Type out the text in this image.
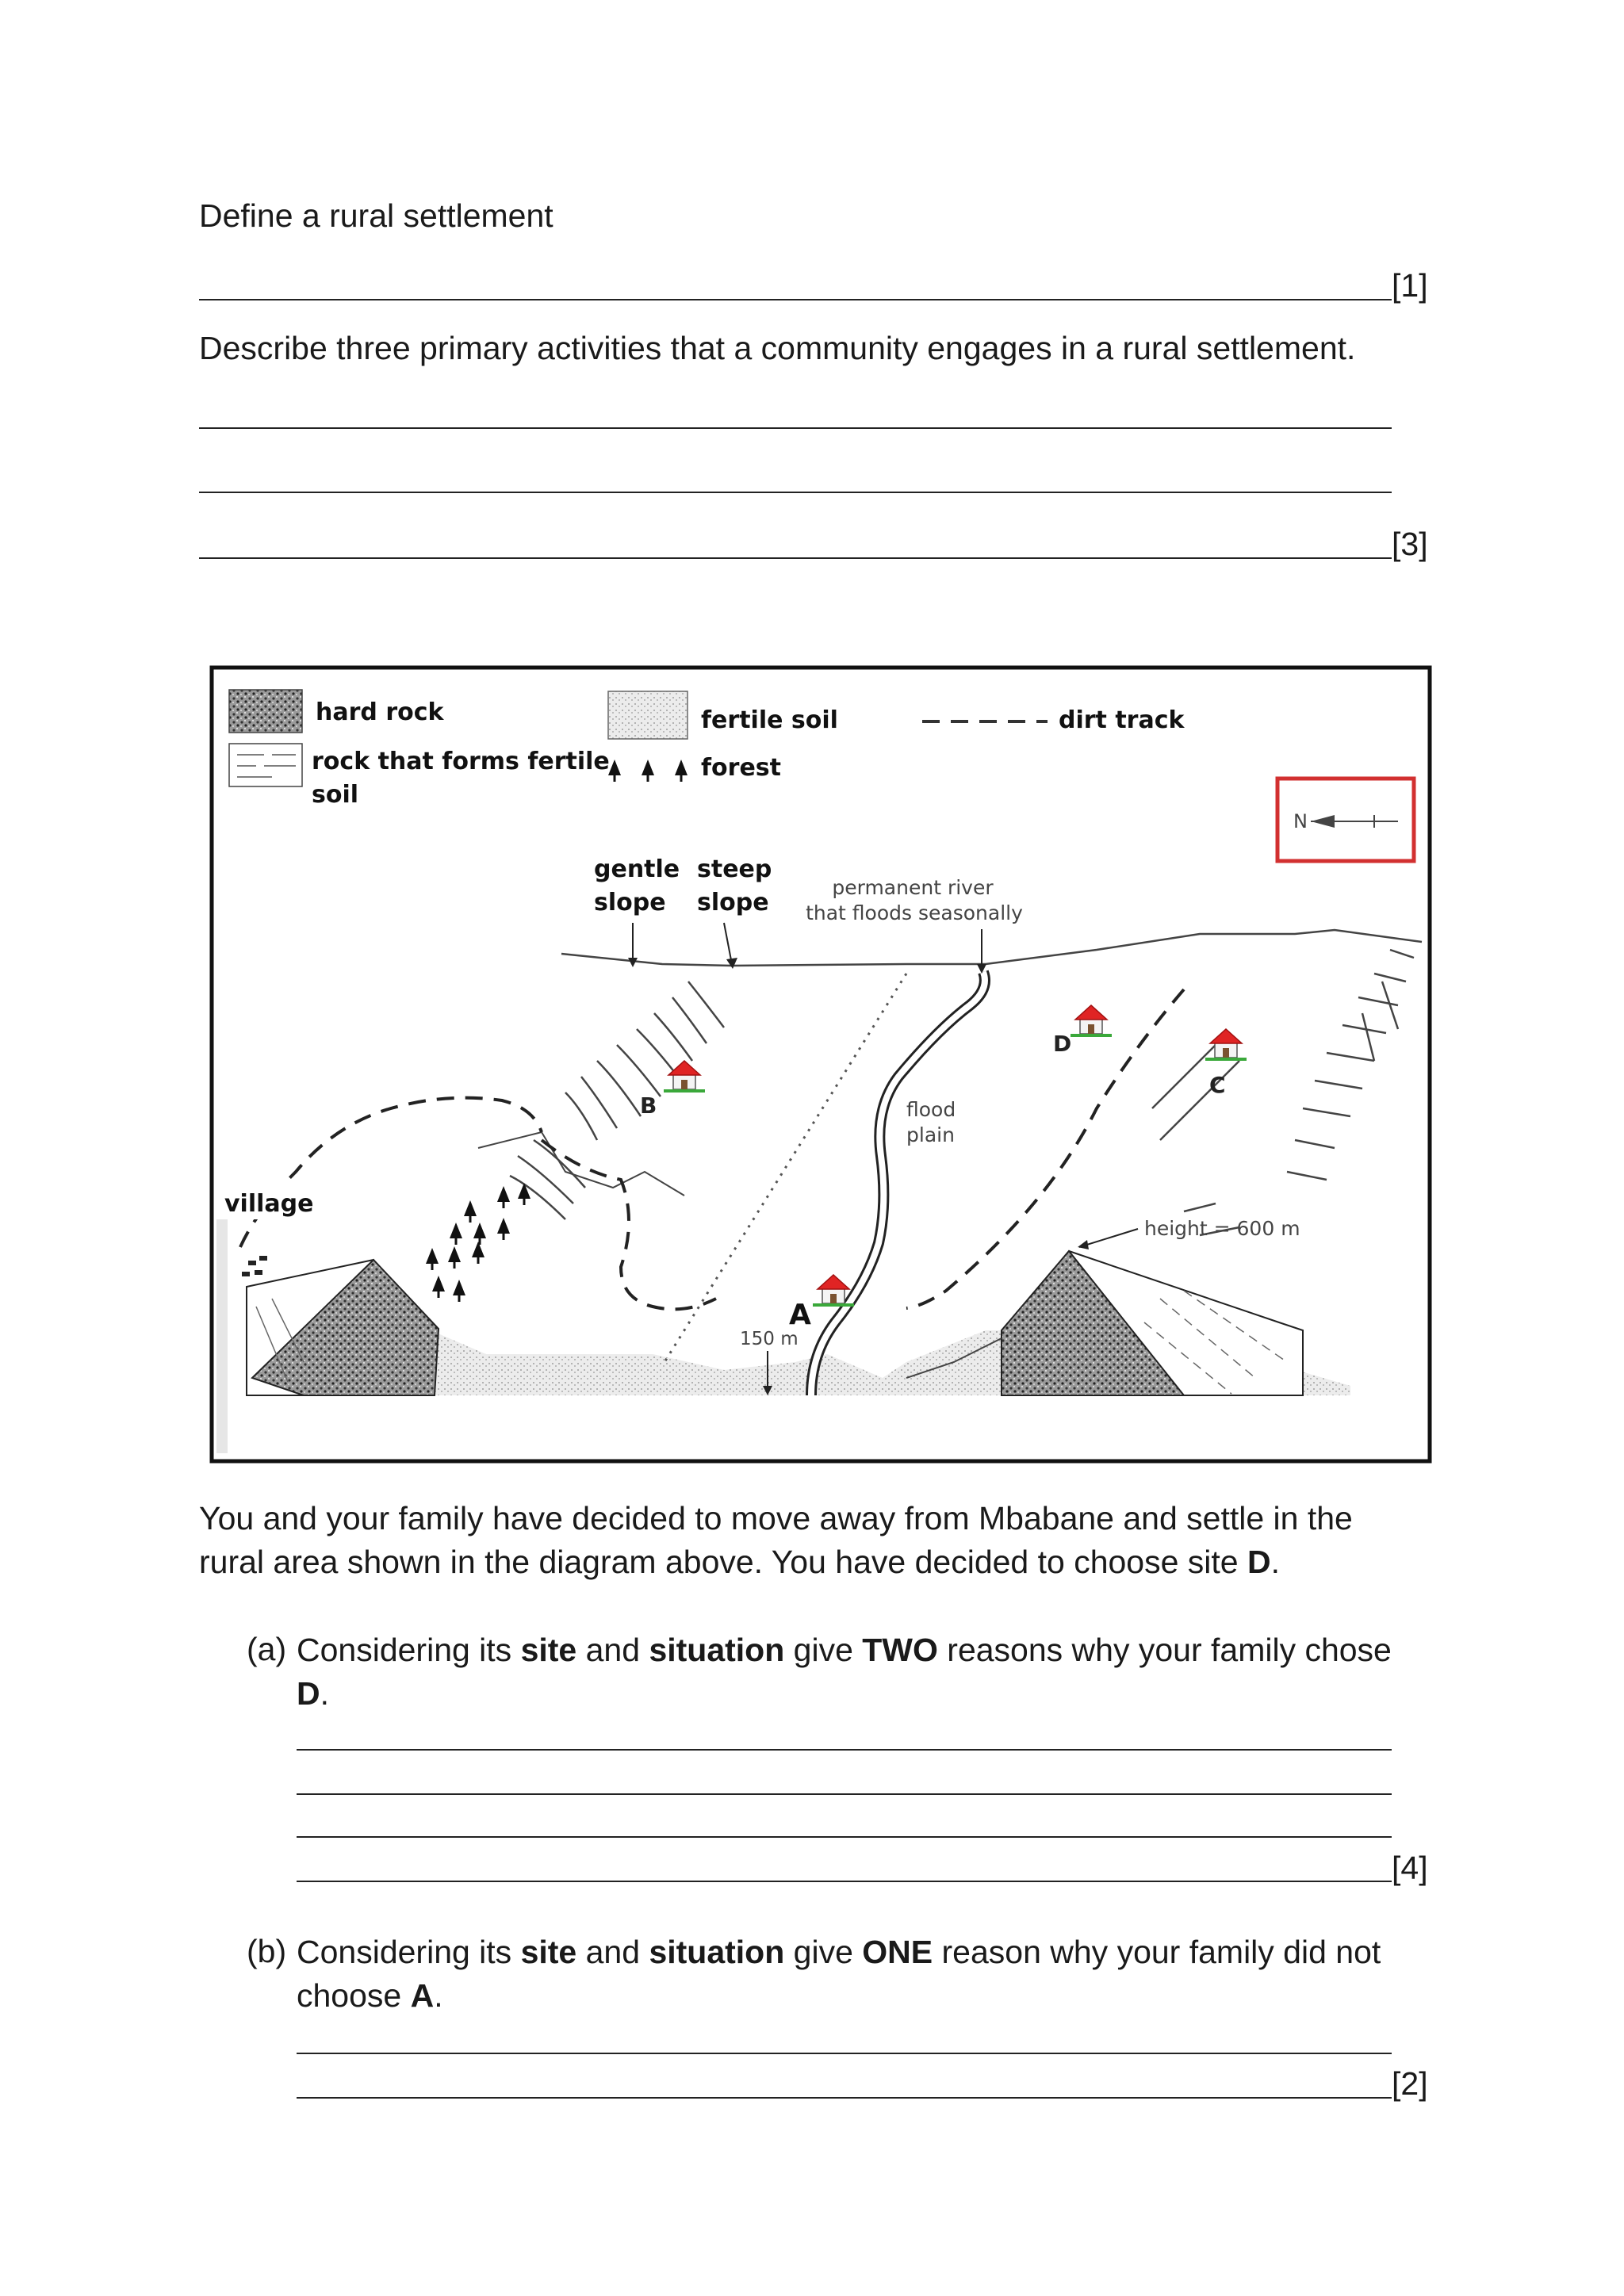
Define a rural settlement
[1]
Describe three primary activities that a community engages in a rural settlement.
[3]
hard rock
rock that forms fertile
soil
fertile soil
forest
dirt track
N
village
gentle
slope
steep
slope
permanent river
that floods seasonally
flood
plain
height = 600 m
150 m
B
D
C
A
You and your family have decided to move away from Mbabane and settle in the
rural area shown in the diagram above. You have decided to choose site D.
(a) Considering its site and situation give TWO reasons why your family chose D.
[4]
(b) Considering its site and situation give ONE reason why your family did not choose A.
[2]
